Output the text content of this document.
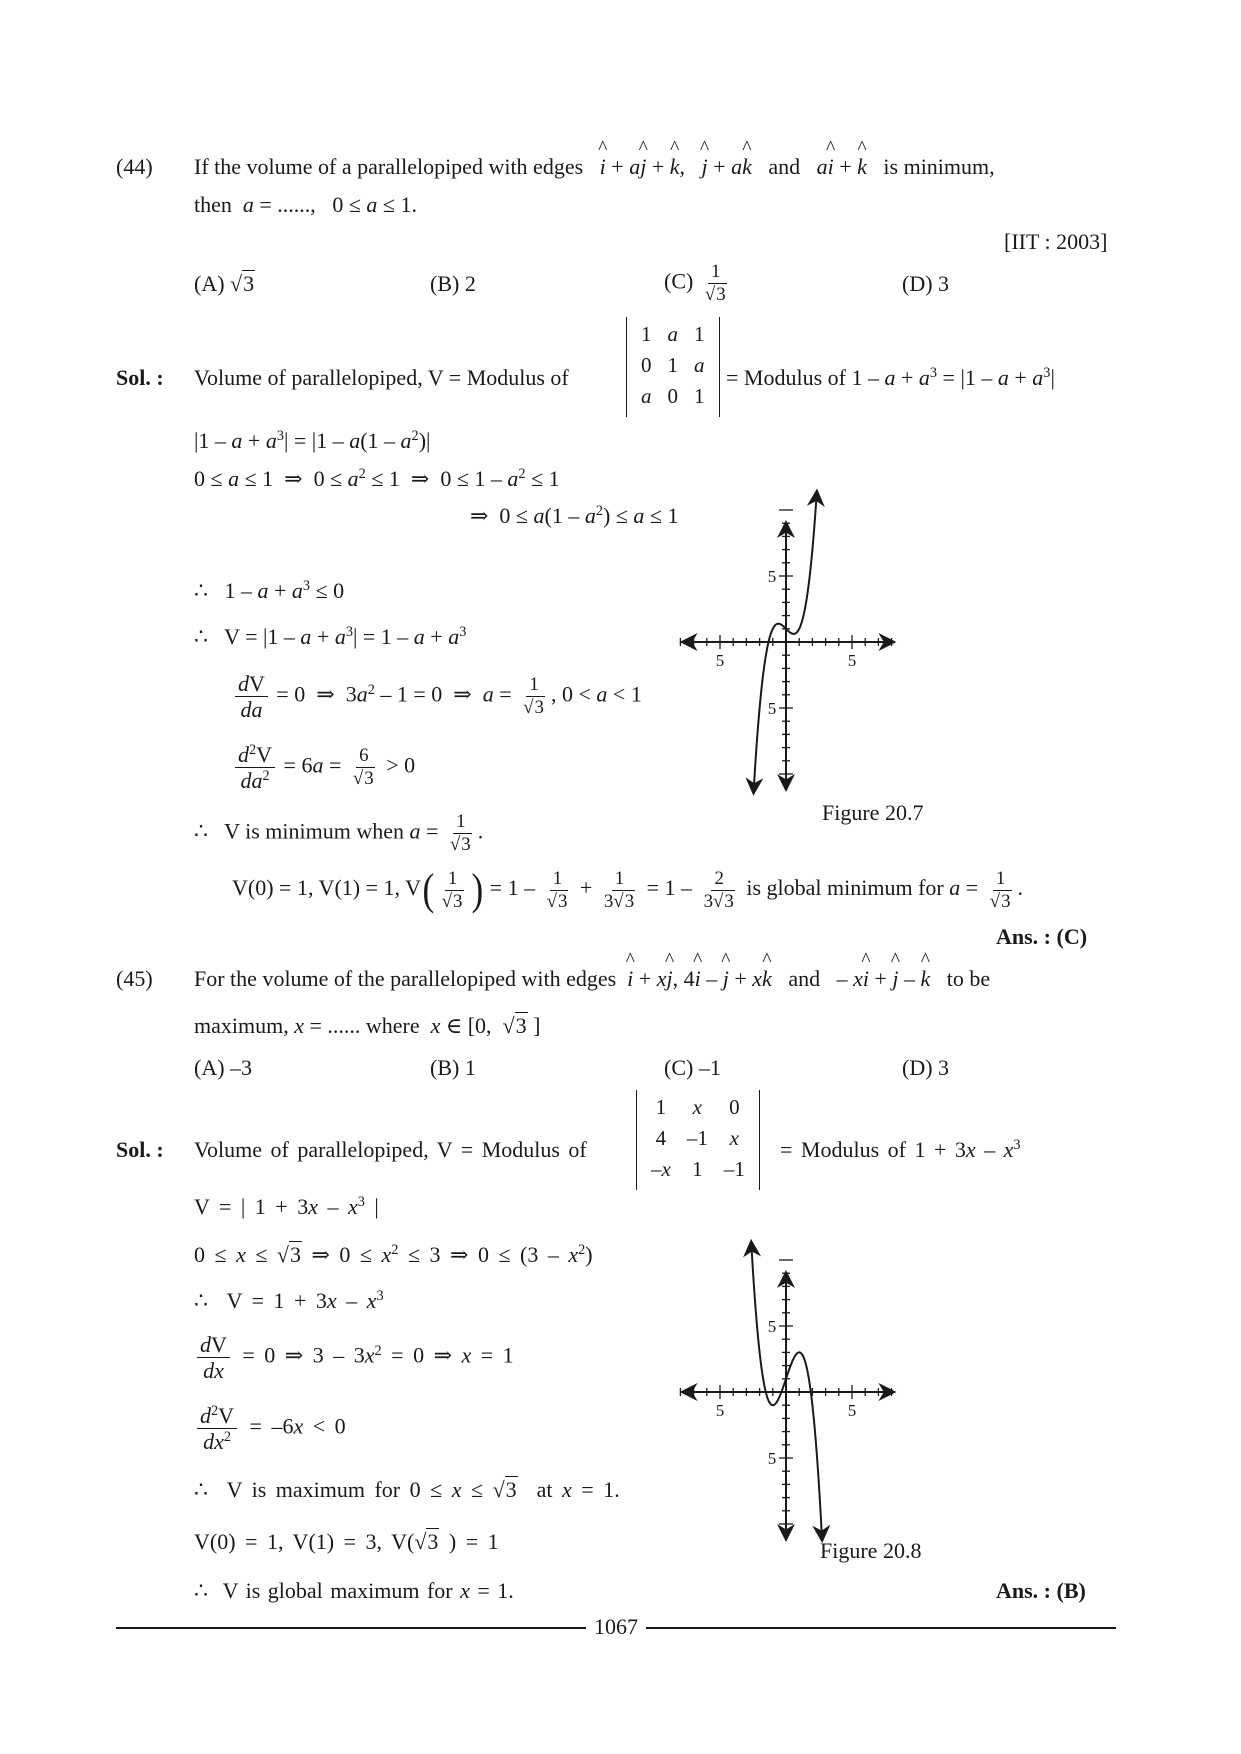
(44) If the volume of a parallelopiped with edges ^ i + a^ j + ^ k,   ^ j + a^ k and a^ i + ^ k is minimum,
then a = ......,   0 ≤ a ≤ 1.
[IIT : 2003]
(A) √3	(B) 2	$(C) \frac{1}{√3}$	(D) 3
Sol. : Volume of parallelopiped, V = Modulus of
1	a	1
0	1	a
a	0	1
= Modulus of $1 - a + a^3 = |1 - a + a^3|$
$|1 - a + a^3| = |1 - a(1 - a^2)|$
0 ≤ a ≤ 1  ⇒  $0 \le a^2 \le 1$  ⇒  $0 \le 1 - a^2 \le 1$
⇒  $0 \le a(1 - a^2) \le a \le 1$
∴   $1 - a + a^3 \le 0$
∴   $V = |1 - a + a^3| = 1 - a + a^3$
$\frac{dV}{da} = 0$  ⇒  $3a^2 - 1 = 0$  ⇒  $a = \frac{1}{√3}$ , 0 < a < 1
$\frac{d^2V}{da^2} = 6a = \frac{6}{√3} > 0$
∴   V is minimum when $a = \frac{1}{√3}$ .
V(0) = 1, V(1) = 1, $V( \frac{1}{√3}$ ) = $1 - \frac{1}{√3} + \frac{1}{3√3} = 1 - \frac{2}{3√3}$ is global minimum for $a = \frac{1}{√3}$ .
Ans. : (C)
5	5
5
5
Figure 20.7
(45) For the volume of the parallelopiped with edges ^ i + x^ j, 4^ i – ^ j + x^ k and   – x^ i + ^ j – ^ k to be
maximum, x = ...... where x ∈ [0,  √3 ]
(A) –3	(B) 1	(C) –1	(D) 3
Sol. : Volume of parallelopiped, V = Modulus of
1	x	0
4	–1	x
–x	1	–1
= Modulus of $1 + 3x - x^3$
V = | $1 + 3x - x^3$ |
0 ≤ x ≤ √3 ⇒ $0 \le x^2 \le 3$ ⇒ $0 \le (3 - x^2)$
∴  $V = 1 + 3x - x^3$
$\frac{dV}{dx} = 0$ ⇒ $3 - 3x^2 = 0$ ⇒ x = 1
$\frac{d^2V}{dx^2} = -6x < 0$
∴  V is maximum for 0 ≤ x ≤ √3  at x = 1.
V(0) = 1, V(1) = 3, V(√3 ) = 1
∴  V is global maximum for x = 1.	Ans. : (B)
5	5
5
5
Figure 20.8
1067
